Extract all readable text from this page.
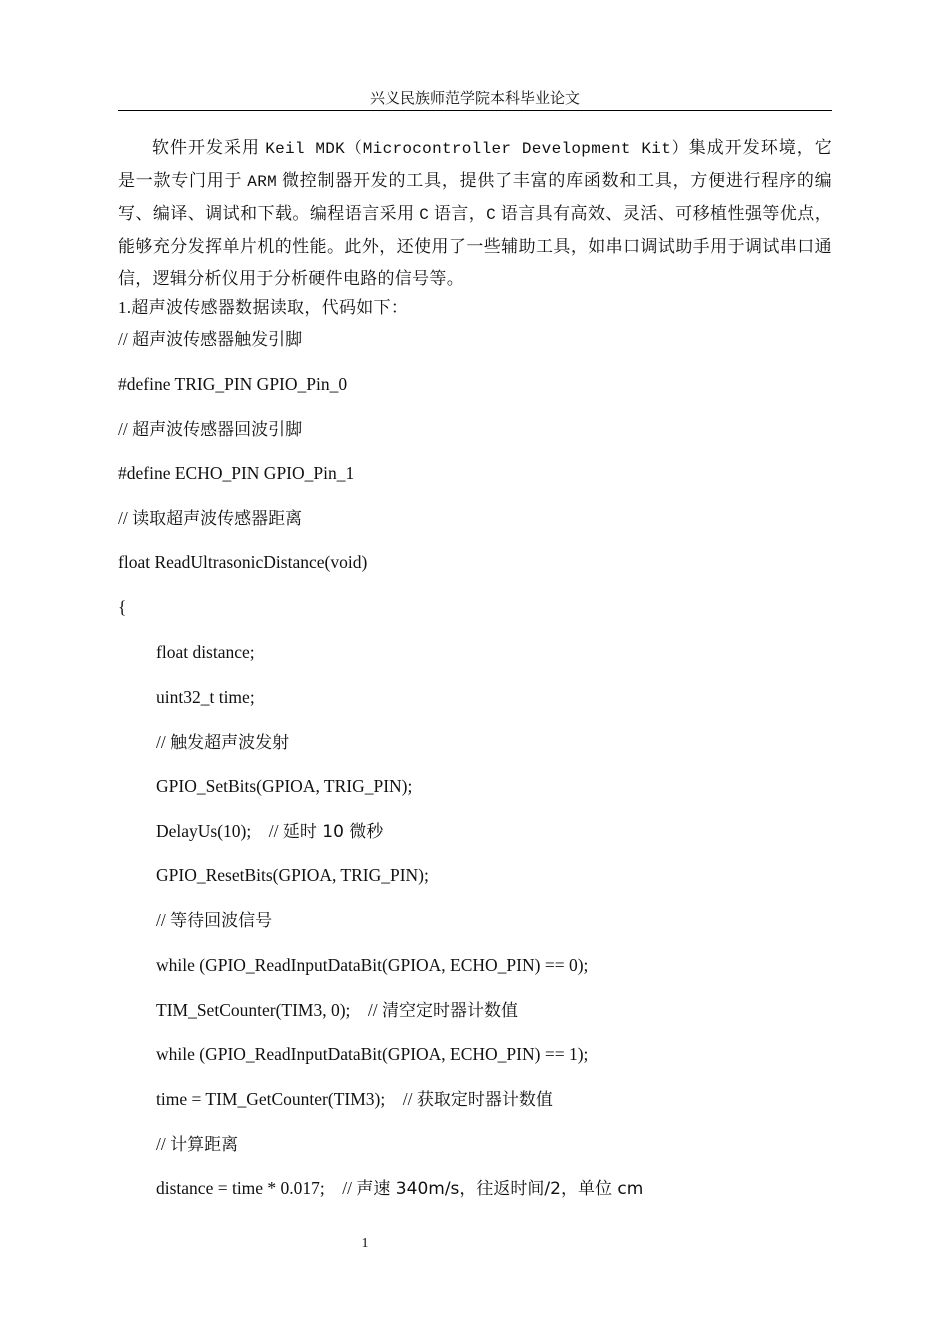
兴义民族师范学院本科毕业论文

软件开发采用 Keil MDK（Microcontroller Development Kit）集成开发环境，它是一款专门用于 ARM 微控制器开发的工具，提供了丰富的库函数和工具，方便进行程序的编写、编译、调试和下载。编程语言采用 C 语言，C 语言具有高效、灵活、可移植性强等优点，能够充分发挥单片机的性能。此外，还使用了一些辅助工具，如串口调试助手用于调试串口通信，逻辑分析仪用于分析硬件电路的信号等。

1.超声波传感器数据读取，代码如下：

// 超声波传感器触发引脚

#define TRIG_PIN GPIO_Pin_0

// 超声波传感器回波引脚

#define ECHO_PIN GPIO_Pin_1

// 读取超声波传感器距离

float ReadUltrasonicDistance(void)

{

float distance;

uint32_t time;

// 触发超声波发射

GPIO_SetBits(GPIOA, TRIG_PIN);

DelayUs(10);    // 延时 10 微秒

GPIO_ResetBits(GPIOA, TRIG_PIN);

// 等待回波信号

while (GPIO_ReadInputDataBit(GPIOA, ECHO_PIN) == 0);

TIM_SetCounter(TIM3, 0);    // 清空定时器计数值

while (GPIO_ReadInputDataBit(GPIOA, ECHO_PIN) == 1);

time = TIM_GetCounter(TIM3);    // 获取定时器计数值

// 计算距离

distance = time * 0.017;    // 声速 340m/s，往返时间/2，单位 cm

1
